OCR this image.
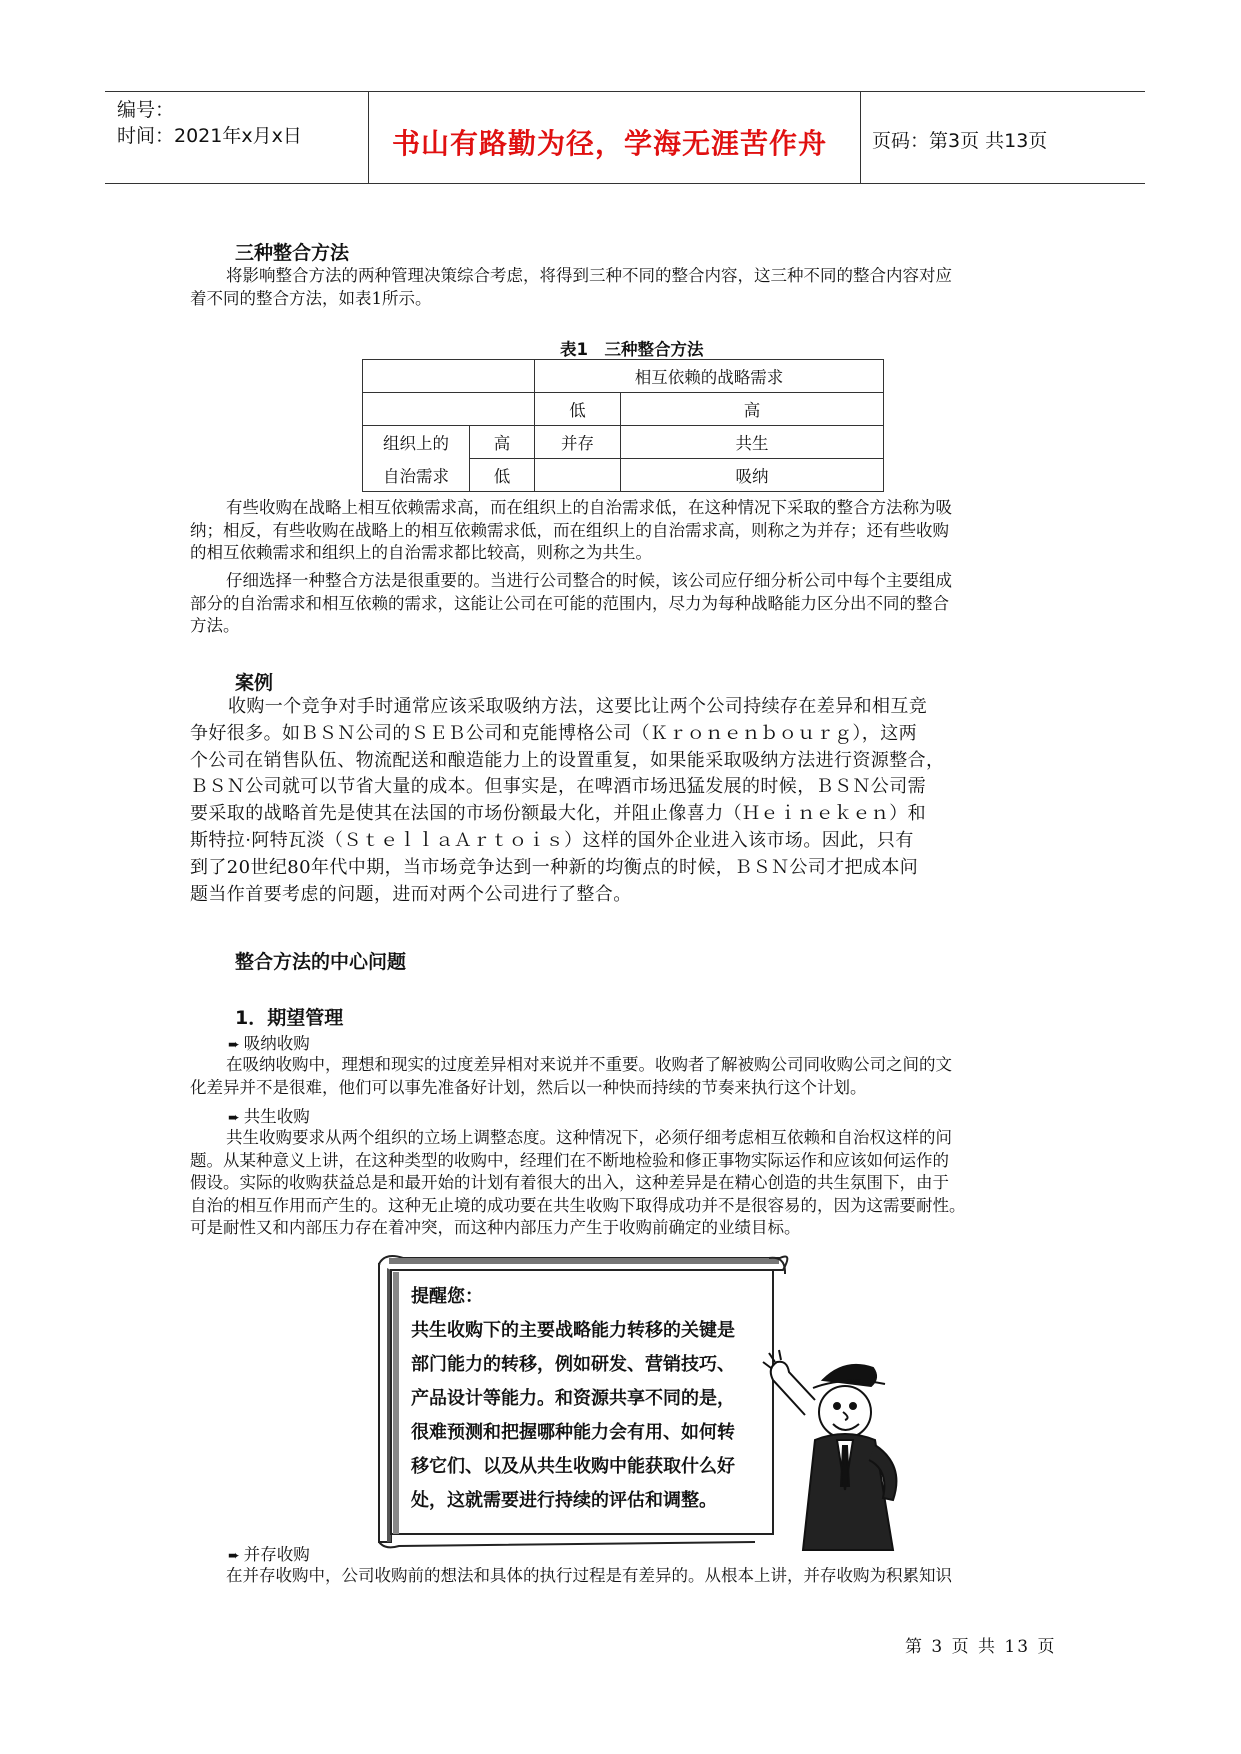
编号：
时间：2021年x月x日	书山有路勤为径，学海无涯苦作舟 页码：第3页 共13页
三种整合方法

将影响整合方法的两种管理决策综合考虑，将得到三种不同的整合内容，这三种不同的整合内容对应

着不同的整合方法，如表1所示。

表1　三种整合方法
		相互依赖的战略需求	
		低	高
组织上的	高	并存	共生
自治需求	低		吸纳

有些收购在战略上相互依赖需求高，而在组织上的自治需求低，在这种情况下采取的整合方法称为吸

纳；相反，有些收购在战略上的相互依赖需求低，而在组织上的自治需求高，则称之为并存；还有些收购

的相互依赖需求和组织上的自治需求都比较高，则称之为共生。

仔细选择一种整合方法是很重要的。当进行公司整合的时候，该公司应仔细分析公司中每个主要组成

部分的自治需求和相互依赖的需求，这能让公司在可能的范围内，尽力为每种战略能力区分出不同的整合

方法。

案例

收购一个竞争对手时通常应该采取吸纳方法，这要比让两个公司持续存在差异和相互竞

争好很多。如ＢＳＮ公司的ＳＥＢ公司和克能博格公司（Ｋｒｏｎｅｎｂｏｕｒｇ），这两

个公司在销售队伍、物流配送和酿造能力上的设置重复，如果能采取吸纳方法进行资源整合，

ＢＳＮ公司就可以节省大量的成本。但事实是，在啤酒市场迅猛发展的时候，ＢＳＮ公司需

要采取的战略首先是使其在法国的市场份额最大化，并阻止像喜力（Ｈｅｉｎｅｋｅｎ）和

斯特拉·阿特瓦淡（ＳｔｅｌｌａＡｒｔｏｉｓ）这样的国外企业进入该市场。因此，只有

到了20世纪80年代中期，当市场竞争达到一种新的均衡点的时候，ＢＳＮ公司才把成本问

题当作首要考虑的问题，进而对两个公司进行了整合。

整合方法的中心问题
1．期望管理
➨ 吸纳收购

在吸纳收购中，理想和现实的过度差异相对来说并不重要。收购者了解被购公司同收购公司之间的文

化差异并不是很难，他们可以事先准备好计划，然后以一种快而持续的节奏来执行这个计划。

➨ 共生收购

共生收购要求从两个组织的立场上调整态度。这种情况下，必须仔细考虑相互依赖和自治权这样的问

题。从某种意义上讲，在这种类型的收购中，经理们在不断地检验和修正事物实际运作和应该如何运作的

假设。实际的收购获益总是和最开始的计划有着很大的出入，这种差异是在精心创造的共生氛围下，由于

自治的相互作用而产生的。这种无止境的成功要在共生收购下取得成功并不是很容易的，因为这需要耐性。

可是耐性又和内部压力存在着冲突，而这种内部压力产生于收购前确定的业绩目标。

提醒您：
共生收购下的主要战略能力转移的关键是
部门能力的转移，例如研发、营销技巧、
产品设计等能力。和资源共享不同的是，
很难预测和把握哪种能力会有用、如何转
移它们、以及从共生收购中能获取什么好
处，这就需要进行持续的评估和调整。
➨ 并存收购

在并存收购中，公司收购前的想法和具体的执行过程是有差异的。从根本上讲，并存收购为积累知识

第 3 页 共 13 页
